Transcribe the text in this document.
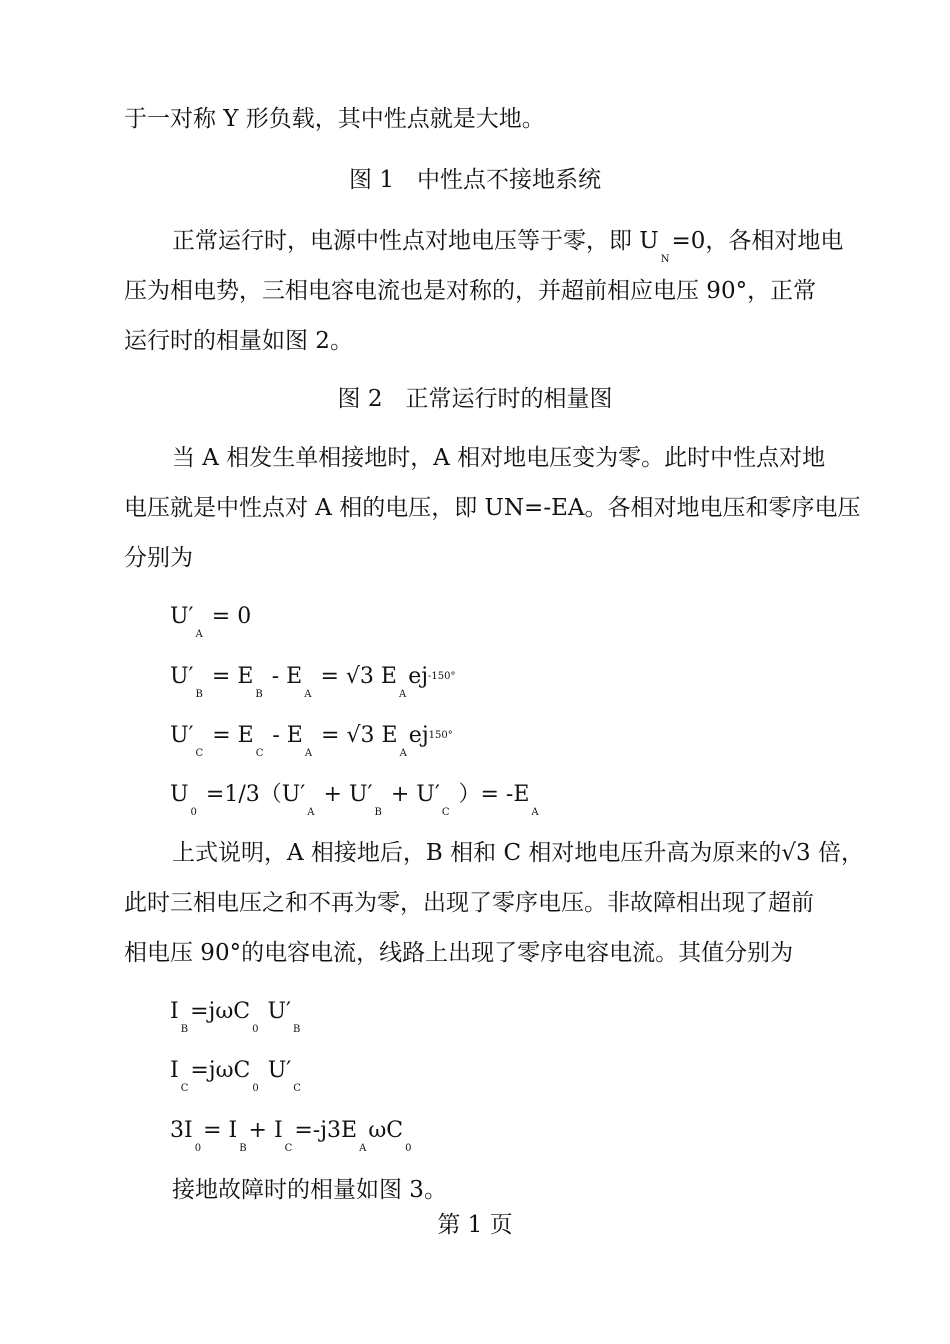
于一对称 Y 形负载，其中性点就是大地。
图 1　中性点不接地系统
正常运行时，电源中性点对地电压等于零，即 $U_N=0$，各相对地电
压为相电势，三相电容电流也是对称的，并超前相应电压 90°，正常
运行时的相量如图 2。
图 2　正常运行时的相量图
当 A 相发生单相接地时，A 相对地电压变为零。此时中性点对地
电压就是中性点对 A 相的电压，即 UN=-EA。各相对地电压和零序电压
分别为
$U'_A = 0$
$U'_B = E_B - E_A = √3$ $E_Aej^{-150^\circ}$
$U'_C = E_C - E_A = √3$ $E_Aej^{150^\circ}$
$U_0 =1/3(U'_A + U'_B + U'_C$ ）= $-E_A$
上式说明，A 相接地后，B 相和 C 相对地电压升高为原来的√3 倍，
此时三相电压之和不再为零，出现了零序电压。非故障相出现了超前
相电压 90°的电容电流，线路上出现了零序电容电流。其值分别为
$I_B=j\omega C_0$ $U'_B$
$I_C=j\omega C_0$ $U'_C$
$3I_0= I_B+ I_C=-j3E_A\omega C_0$
接地故障时的相量如图 3。
第 1 页
